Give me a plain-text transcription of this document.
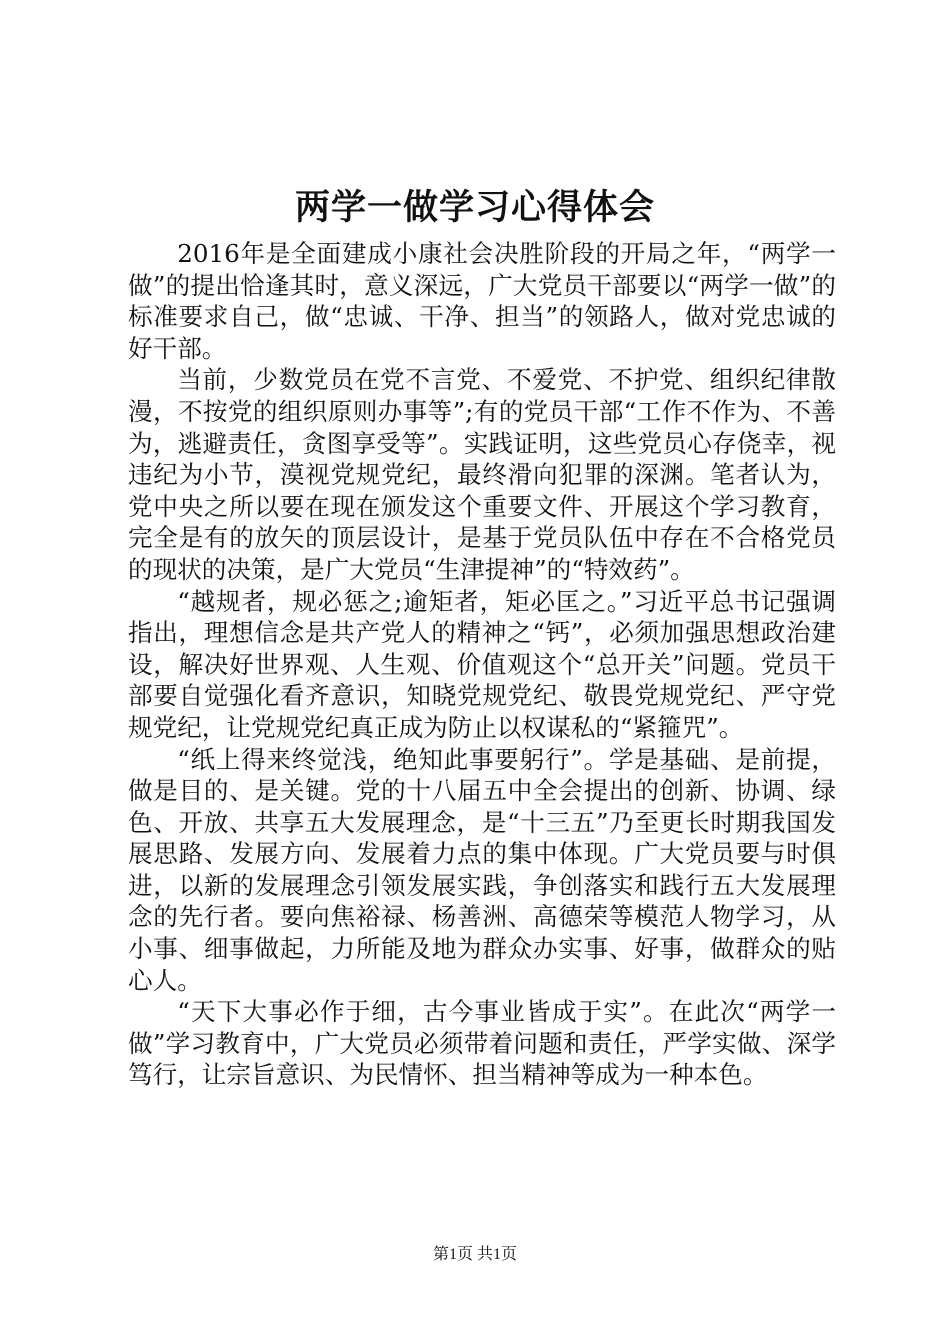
两学一做学习心得体会

2016年是全面建成小康社会决胜阶段的开局之年，“两学一做”的提出恰逢其时，意义深远，广大党员干部要以“两学一做”的标准要求自己，做“忠诚、干净、担当”的领路人，做对党忠诚的好干部。

当前，少数党员在党不言党、不爱党、不护党、组织纪律散漫，不按党的组织原则办事等”;有的党员干部“工作不作为、不善为，逃避责任，贪图享受等”。实践证明，这些党员心存侥幸，视违纪为小节，漠视党规党纪，最终滑向犯罪的深渊。笔者认为，党中央之所以要在现在颁发这个重要文件、开展这个学习教育，完全是有的放矢的顶层设计，是基于党员队伍中存在不合格党员的现状的决策，是广大党员“生津提神”的“特效药”。

“越规者，规必惩之;逾矩者，矩必匡之。”习近平总书记强调指出，理想信念是共产党人的精神之“钙”，必须加强思想政治建设，解决好世界观、人生观、价值观这个“总开关”问题。党员干部要自觉强化看齐意识，知晓党规党纪、敬畏党规党纪、严守党规党纪，让党规党纪真正成为防止以权谋私的“紧箍咒”。

“纸上得来终觉浅，绝知此事要躬行”。学是基础、是前提，做是目的、是关键。党的十八届五中全会提出的创新、协调、绿色、开放、共享五大发展理念，是“十三五”乃至更长时期我国发展思路、发展方向、发展着力点的集中体现。广大党员要与时俱进，以新的发展理念引领发展实践，争创落实和践行五大发展理念的先行者。要向焦裕禄、杨善洲、高德荣等模范人物学习，从小事、细事做起，力所能及地为群众办实事、好事，做群众的贴心人。

“天下大事必作于细，古今事业皆成于实”。在此次“两学一做”学习教育中，广大党员必须带着问题和责任，严学实做、深学笃行，让宗旨意识、为民情怀、担当精神等成为一种本色。

第1页 共1页
